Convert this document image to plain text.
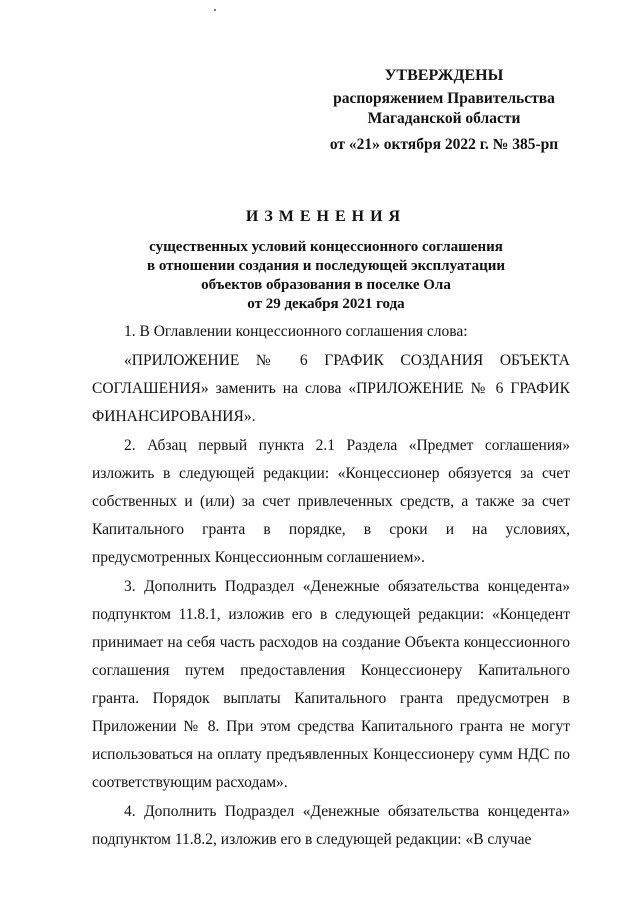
УТВЕРЖДЕНЫ
распоряжением Правительства
Магаданской области
от «21» октября 2022 г. № 385-рп
ИЗМЕНЕНИЯ
существенных условий концессионного соглашения
в отношении создания и последующей эксплуатации
объектов образования в поселке Ола
от 29 декабря 2021 года

1. В Оглавлении концессионного соглашения слова:

«ПРИЛОЖЕНИЕ № 6 ГРАФИК СОЗДАНИЯ ОБЪЕКТА СОГЛАШЕНИЯ» заменить на слова «ПРИЛОЖЕНИЕ № 6 ГРАФИК ФИНАНСИРОВАНИЯ».

2. Абзац первый пункта 2.1 Раздела «Предмет соглашения» изложить в следующей редакции: «Концессионер обязуется за счет собственных и (или) за счет привлеченных средств, а также за счет Капитального гранта в порядке, в сроки и на условиях, предусмотренных Концессионным соглашением».

3. Дополнить Подраздел «Денежные обязательства концедента» подпунктом 11.8.1, изложив его в следующей редакции: «Концедент принимает на себя часть расходов на создание Объекта концессионного соглашения путем предоставления Концессионеру Капитального гранта. Порядок выплаты Капитального гранта предусмотрен в Приложении № 8. При этом средства Капитального гранта не могут использоваться на оплату предъявленных Концессионеру сумм НДС по соответствующим расходам».

4. Дополнить Подраздел «Денежные обязательства концедента» подпунктом 11.8.2, изложив его в следующей редакции: «В случае
